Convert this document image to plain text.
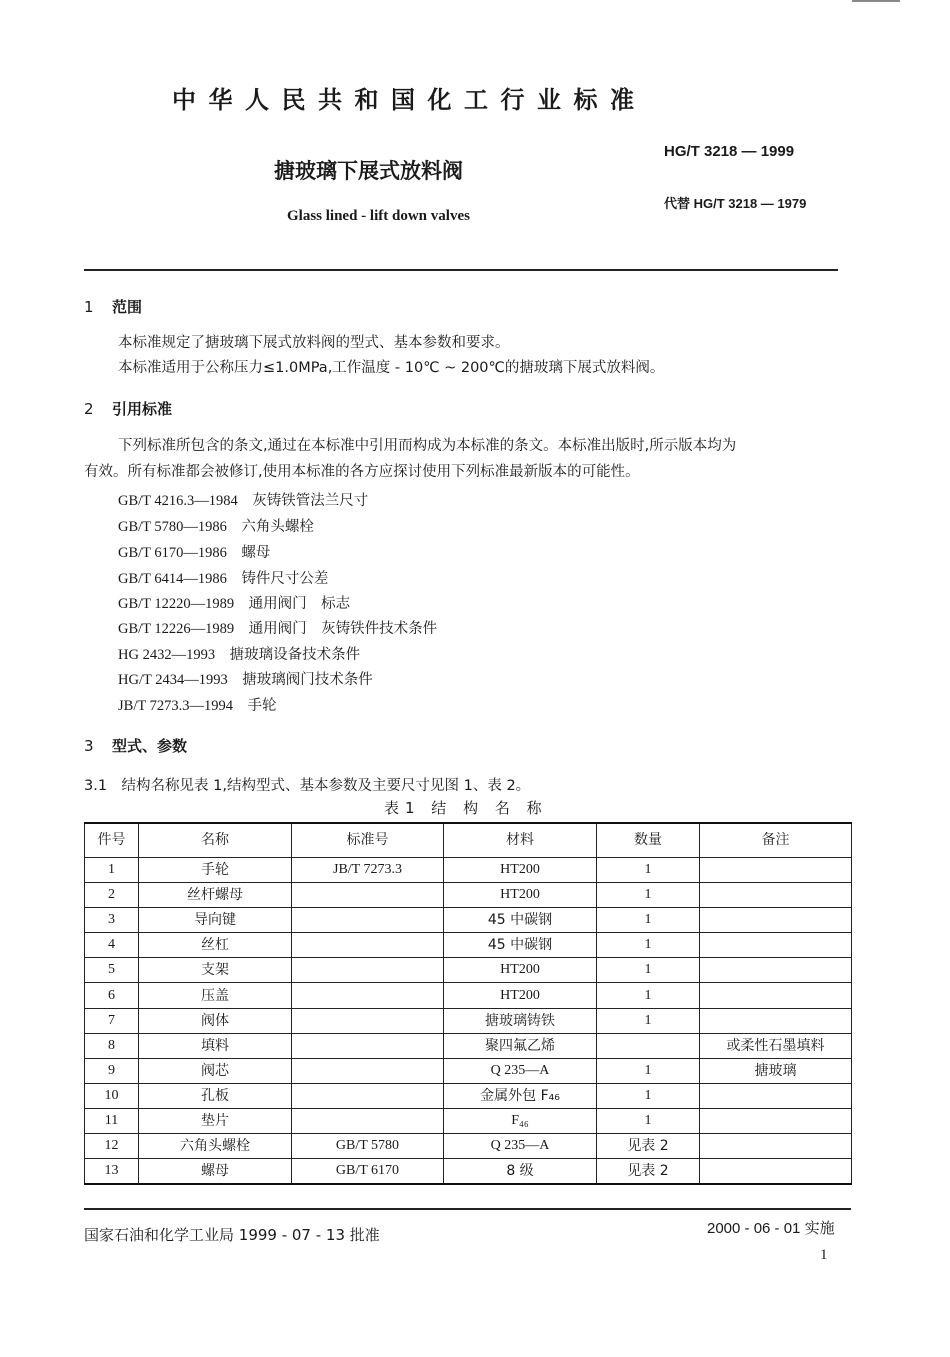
中华人民共和国化工行业标准
HG/T 3218 — 1999
搪玻璃下展式放料阀
代替 HG/T 3218 — 1979
Glass lined - lift down valves
1 范围
本标准规定了搪玻璃下展式放料阀的型式、基本参数和要求。
本标准适用于公称压力≤1.0MPa,工作温度 - 10℃ ~ 200℃的搪玻璃下展式放料阀。
2 引用标准
下列标准所包含的条文,通过在本标准中引用而构成为本标准的条文。本标准出版时,所示版本均为
有效。所有标准都会被修订,使用本标准的各方应探讨使用下列标准最新版本的可能性。
GB/T 4216.3—1984　 灰铸铁管法兰尺寸
GB/T 5780—1986　 六角头螺栓
GB/T 6170—1986　 螺母
GB/T 6414—1986　 铸件尺寸公差
GB/T 12220—1989　 通用阀门　标志
GB/T 12226—1989　 通用阀门　灰铸铁件技术条件
HG 2432—1993　 搪玻璃设备技术条件
HG/T 2434—1993　 搪玻璃阀门技术条件
JB/T 7273.3—1994　 手轮
3 型式、参数
3.1　结构名称见表 1,结构型式、基本参数及主要尺寸见图 1、表 2。
表1 结 构 名 称
件号	名称	标准号	材料	数量	备注
1	手轮	JB/T 7273.3	HT200	1	
2	丝杆螺母		HT200	1	
3	导向键		45 中碳钢	1	
4	丝杠		45 中碳钢	1	
5	支架		HT200	1	
6	压盖		HT200	1	
7	阀体		搪玻璃铸铁	1	
8	填料		聚四氟乙烯		或柔性石墨填料
9	阀芯		Q 235—A	1	搪玻璃
10	孔板		金属外包 F₄₆	1	
11	垫片		F₄₆	1	
12	六角头螺栓	GB/T 5780	Q 235—A	见表 2	
13	螺母	GB/T 6170	8 级	见表 2	
国家石油和化学工业局 1999 - 07 - 13 批准	2000 - 06 - 01 实施
1
